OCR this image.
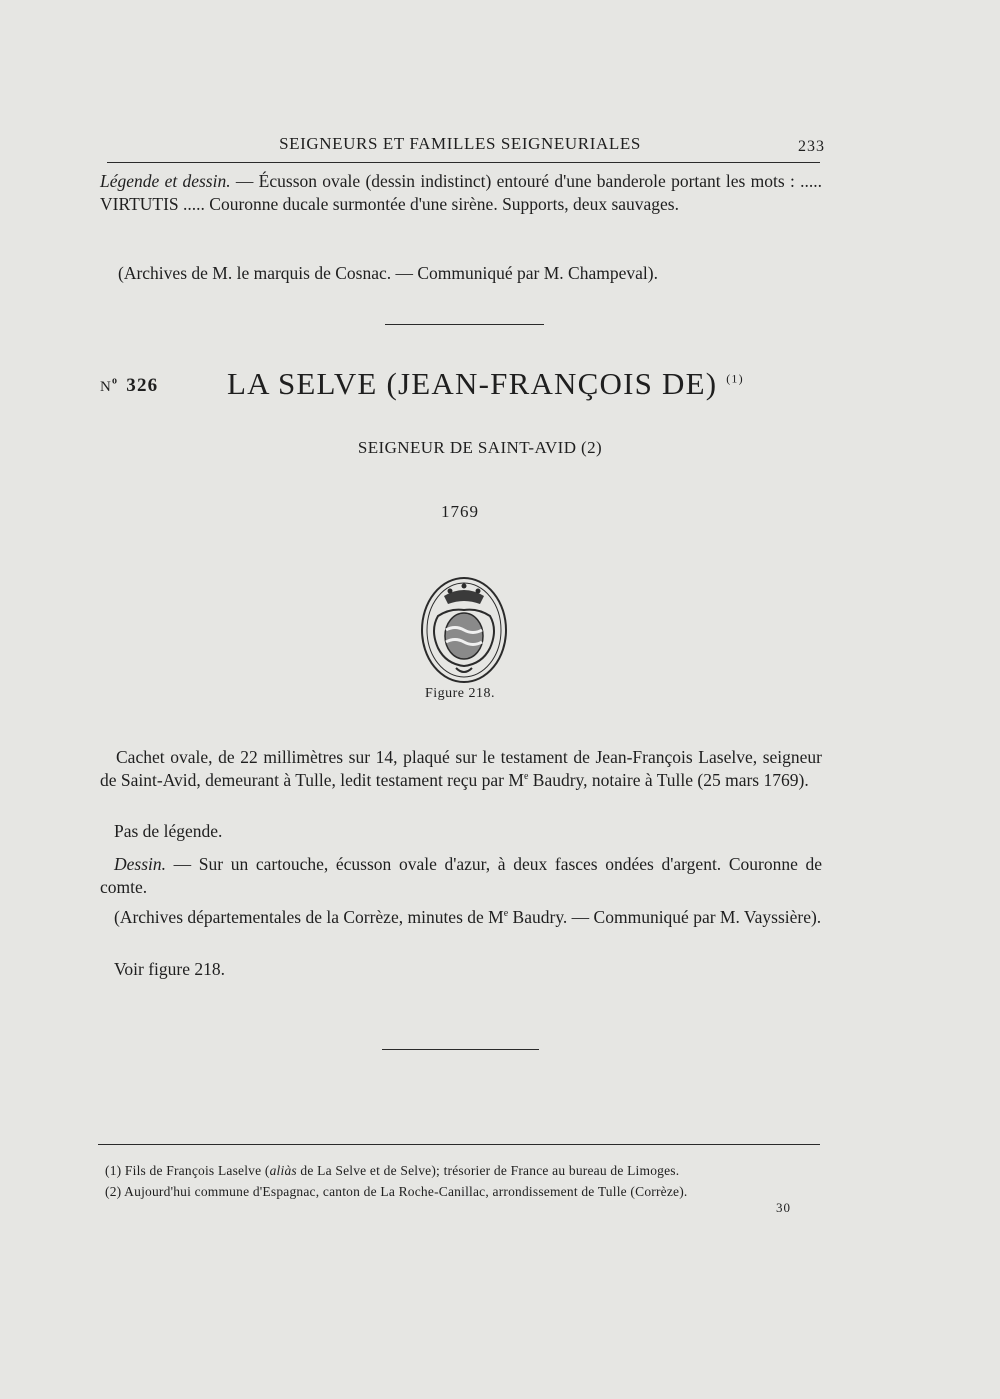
SEIGNEURS ET FAMILLES SEIGNEURIALES	233

Légende et dessin. — Écusson ovale (dessin indistinct) entouré d'une banderole portant les mots : ..... VIRTUTIS ..... Couronne ducale surmontée d'une sirène. Supports, deux sauvages.

(Archives de M. le marquis de Cosnac. — Communiqué par M. Champeval).

$N^o$ 326 LA SELVE (JEAN-FRANÇOIS DE) $^{(1)}$
SEIGNEUR DE SAINT-AVID (2)
1769
Figure 218.

Cachet ovale, de 22 millimètres sur 14, plaqué sur le testament de Jean-François Laselve, seigneur de Saint-Avid, demeurant à Tulle, ledit testament reçu par Me Baudry, notaire à Tulle (25 mars 1769).

Pas de légende.

Dessin. — Sur un cartouche, écusson ovale d'azur, à deux fasces ondées d'argent. Couronne de comte.

(Archives départementales de la Corrèze, minutes de Me Baudry. — Communiqué par M. Vayssière).

Voir figure 218.

(1) Fils de François Laselve (aliàs de La Selve et de Selve); trésorier de France au bureau de Limoges.
(2) Aujourd'hui commune d'Espagnac, canton de La Roche-Canillac, arrondissement de Tulle (Corrèze).
30
